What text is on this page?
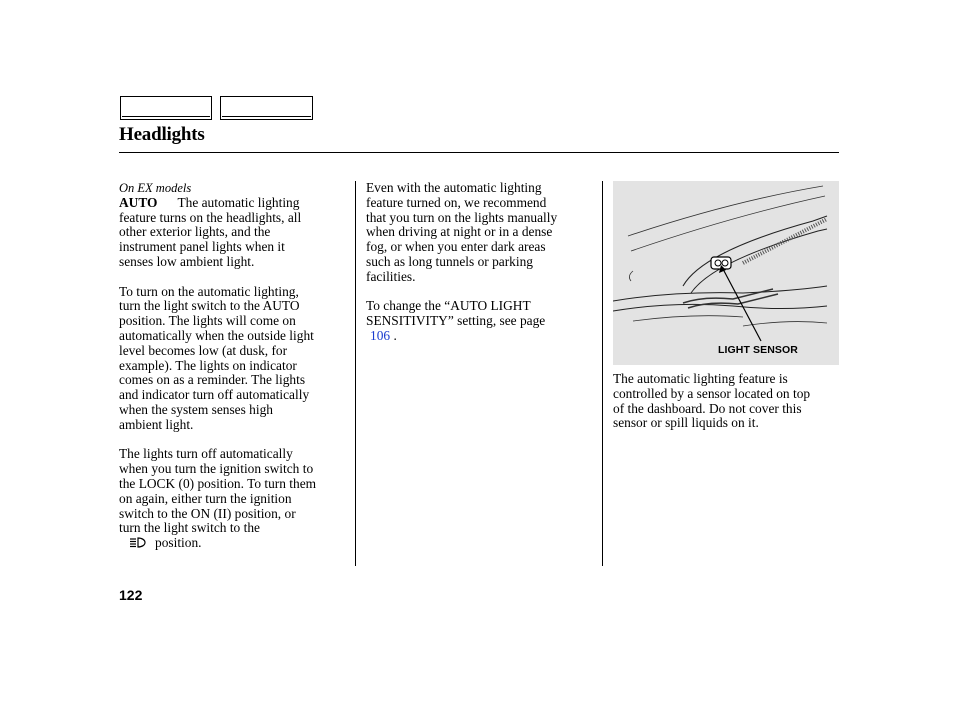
Headlights

On EX models

AUTO The automatic lighting
feature turns on the headlights, all
other exterior lights, and the
instrument panel lights when it
senses low ambient light.

To turn on the automatic lighting,
turn the light switch to the AUTO
position. The lights will come on
automatically when the outside light
level becomes low (at dusk, for
example). The lights on indicator
comes on as a reminder. The lights
and indicator turn off automatically
when the system senses high
ambient light.

The lights turn off automatically
when you turn the ignition switch to
the LOCK (0) position. To turn them
on again, either turn the ignition
switch to the ON (II) position, or
turn the light switch to the
position.

Even with the automatic lighting
feature turned on, we recommend
that you turn on the lights manually
when driving at night or in a dense
fog, or when you enter dark areas
such as long tunnels or parking
facilities.

To change the “AUTO LIGHT
SENSITIVITY” setting, see page
106 .

LIGHT SENSOR

The automatic lighting feature is
controlled by a sensor located on top
of the dashboard. Do not cover this
sensor or spill liquids on it.

122
